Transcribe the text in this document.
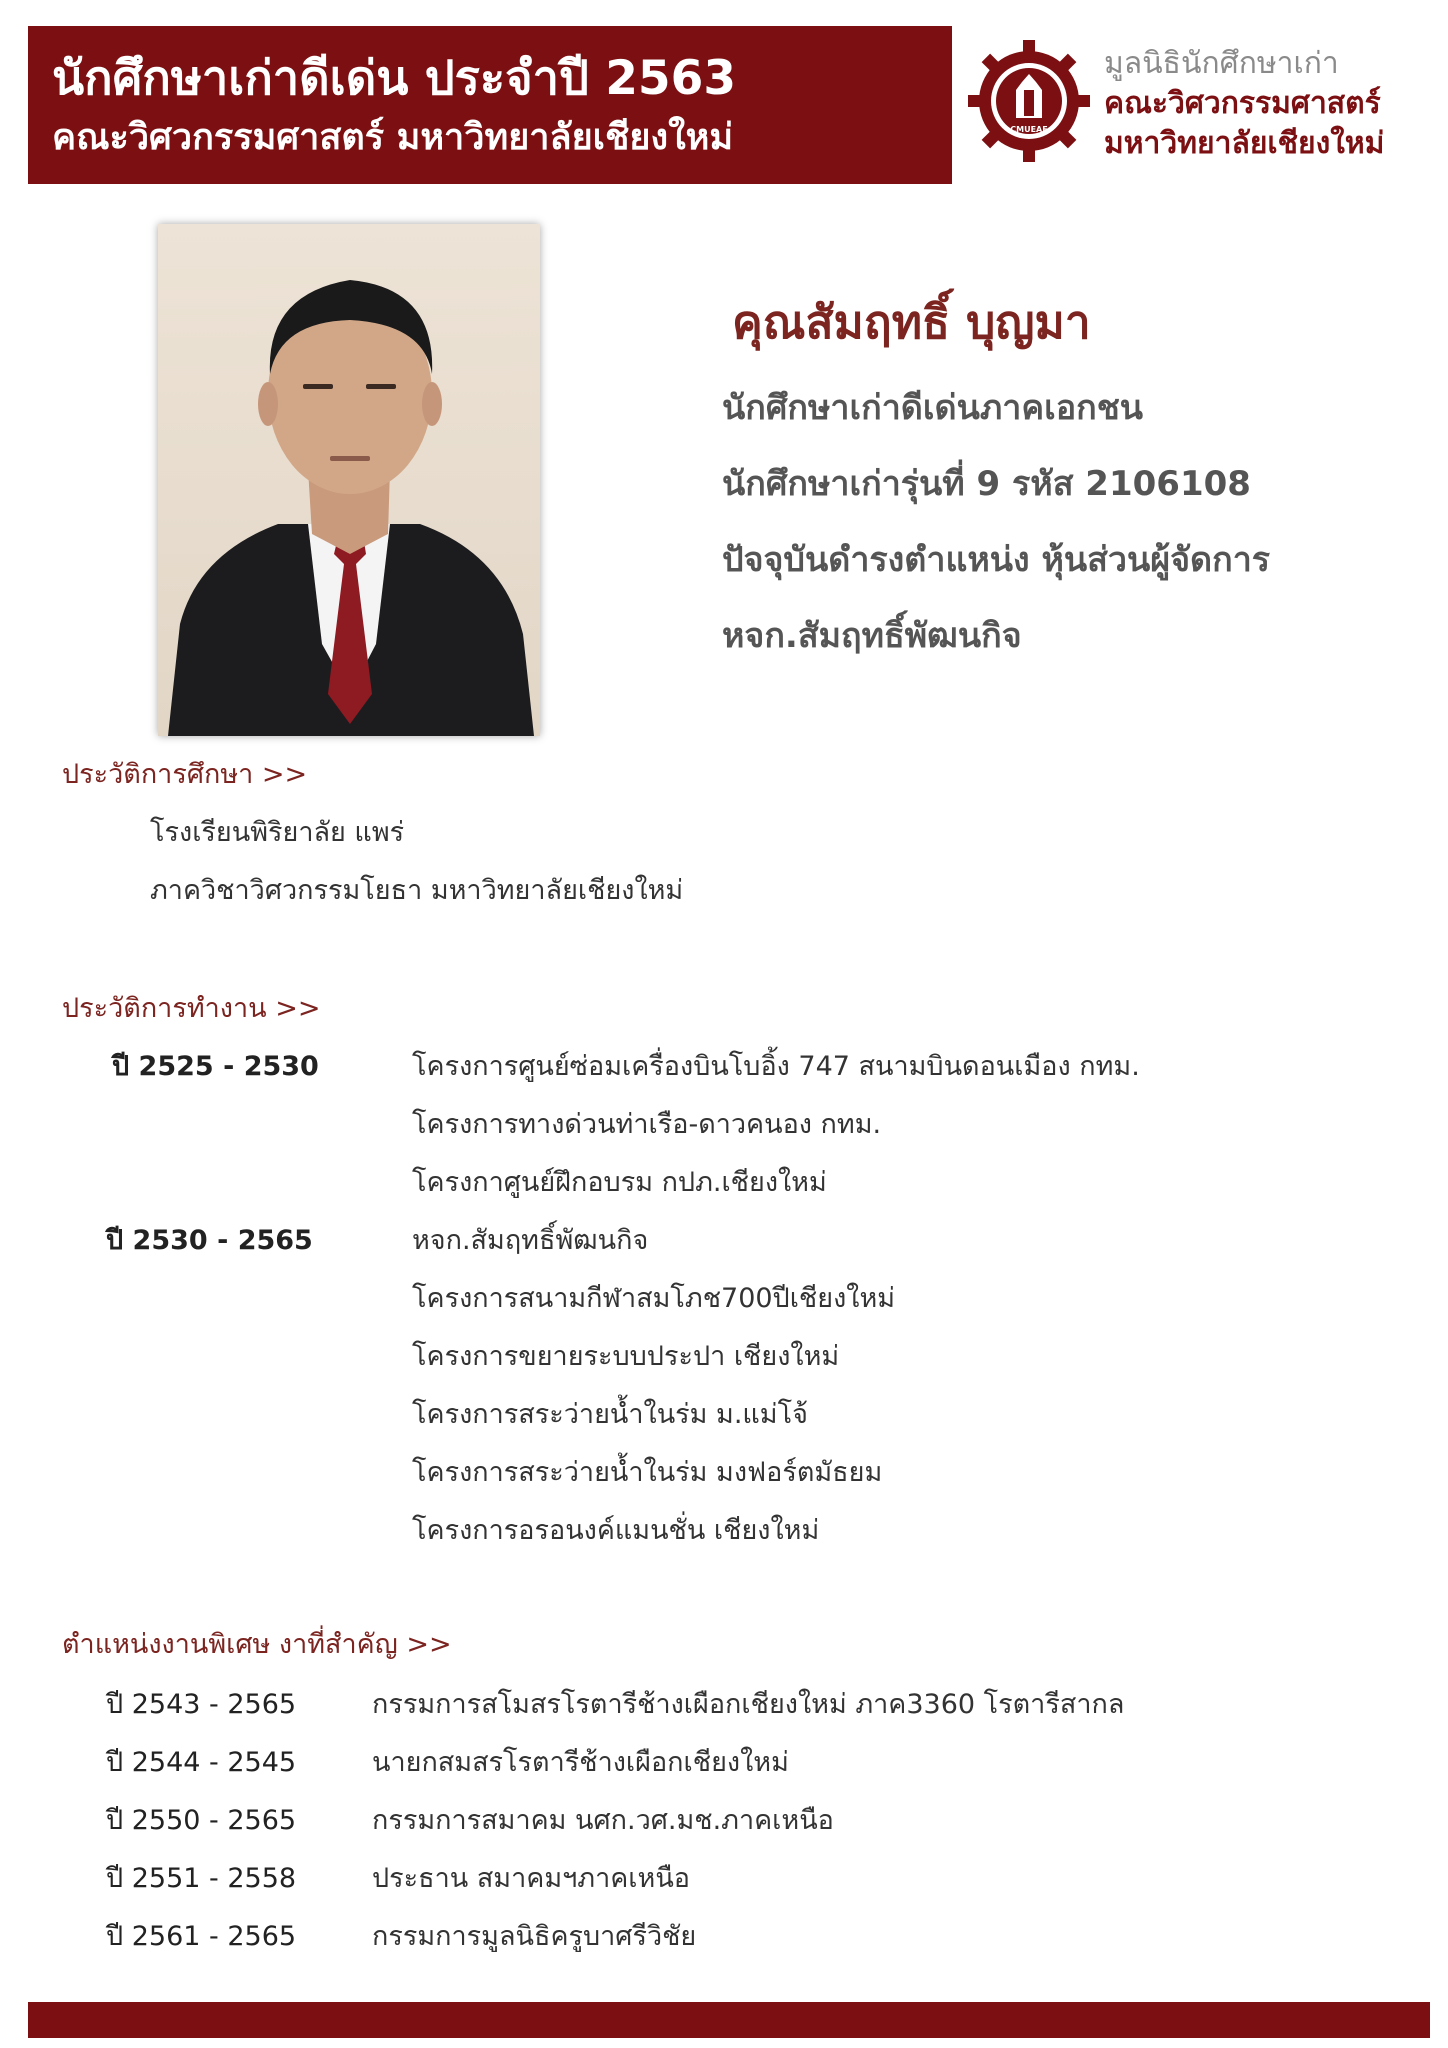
นักศึกษาเก่าดีเด่น ประจำปี 2563
คณะวิศวกรรมศาสตร์ มหาวิทยาลัยเชียงใหม่	CMUEAF
มูลนิธินักศึกษาเก่า
คณะวิศวกรรมศาสตร์
มหาวิทยาลัยเชียงใหม่
คุณสัมฤทธิ์ บุญมา
นักศึกษาเก่าดีเด่นภาคเอกชน
นักศึกษาเก่ารุ่นที่ 9 รหัส 2106108
ปัจจุบันดำรงตำแหน่ง หุ้นส่วนผู้จัดการ
หจก.สัมฤทธิ์พัฒนกิจ
ประวัติการศึกษา >>
โรงเรียนพิริยาลัย แพร่
ภาควิชาวิศวกรรมโยธา มหาวิทยาลัยเชียงใหม่
ประวัติการทำงาน >>
ปี 2525 - 2530	โครงการศูนย์ซ่อมเครื่องบินโบอิ้ง 747 สนามบินดอนเมือง กทม.
โครงการทางด่วนท่าเรือ-ดาวคนอง กทม.
โครงกาศูนย์ฝึกอบรม กปภ.เชียงใหม่
ปี 2530 - 2565	หจก.สัมฤทธิ์พัฒนกิจ
โครงการสนามกีฬาสมโภช700ปีเชียงใหม่
โครงการขยายระบบประปา เชียงใหม่
โครงการสระว่ายน้ำในร่ม ม.แม่โจ้
โครงการสระว่ายน้ำในร่ม มงฟอร์ตมัธยม
โครงการอรอนงค์แมนชั่น เชียงใหม่
ตำแหน่งงานพิเศษ งาที่สำคัญ >>
ปี 2543 - 2565	กรรมการสโมสรโรตารีช้างเผือกเชียงใหม่ ภาค3360 โรตารีสากล
ปี 2544 - 2545	นายกสมสรโรตารีช้างเผือกเชียงใหม่
ปี 2550 - 2565	กรรมการสมาคม นศก.วศ.มช.ภาคเหนือ
ปี 2551 - 2558	ประธาน สมาคมฯภาคเหนือ
ปี 2561 - 2565	กรรมการมูลนิธิครูบาศรีวิชัย
